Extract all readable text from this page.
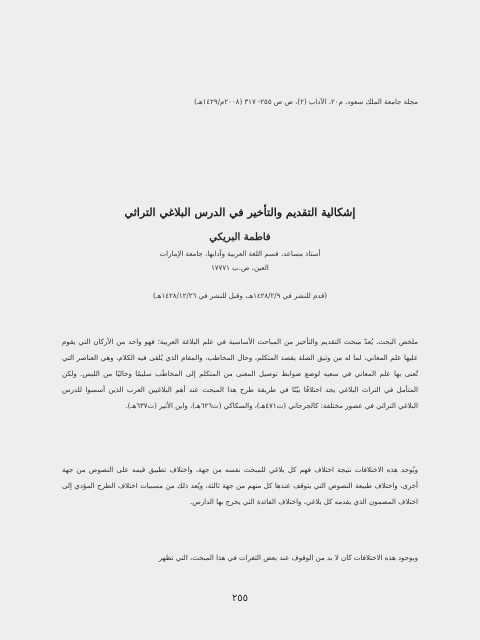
مجلة جامعة الملك سعود، م٢٠، الآداب (٢)، ص ص ٢٥٥- ٣١٧ (٢٠٠٨م/١٤٢٩هـ)
إشكالية التقديم والتأخير في الدرس البلاغي التراثي
فاطمة البريكي
أستاذ مساعد، قسم اللغة العربية وآدابها، جامعة الإمارات
العين، ص.ب ١٧٧٧١
(قدم للنشر في ١٤٢٨/٢/٩هـ، وقبل للنشر في ١٤٢٨/١٢/٢٦هـ)

ملخص البحث. يُعدّ مبحث التقديم والتأخير من المباحث الأساسية في علم البلاغة العربية؛ فهو واحد من الأركان التي يقوم عليها علم المعاني، لما له من وثيق الصلة بقصد المتكلم، وحال المخاطب، والمقام الذي يُلقى فيه الكلام، وهي العناصر التي تُعنى بها علم المعاني في سعيه لوضع ضوابط توصيل المعنى من المتكلم إلى المخاطَب سليمًا وخاليًا من اللبس. ولكن المتأمل في التراث البلاغي يجد اختلافًا بيّنًا في طريقة طرح هذا المبحث عند أهم البلاغيين العرب الذين أسسوا للدرس البلاغي التراثي في عصور مختلفة: كالجرجاني (ت٤٧١هـ)، والسكاكي (ت٦٢٦هـ)، وابن الأثير (ت٦٣٧هـ).

ويُوجد هذه الاختلافات نتيجة اختلاف فهم كل بلاغي للمبحث نفسه من جهة، واختلاف تطبيق قيمه على النصوص من جهة أخرى، واختلاف طبيعة النصوص التي يتوقف عندها كل منهم من جهة ثالثة، ويُعد ذلك من مسببات اختلاف الطرح المؤدي إلى اختلاف المضمون الذي يقدمه كل بلاغي، واختلاف الفائدة التي يخرج بها الدارس.

وبوجود هذه الاختلافات كان لا بد من الوقوف عند بعض الثغرات في هذا المبحث، التي تظهر

٢٥٥
